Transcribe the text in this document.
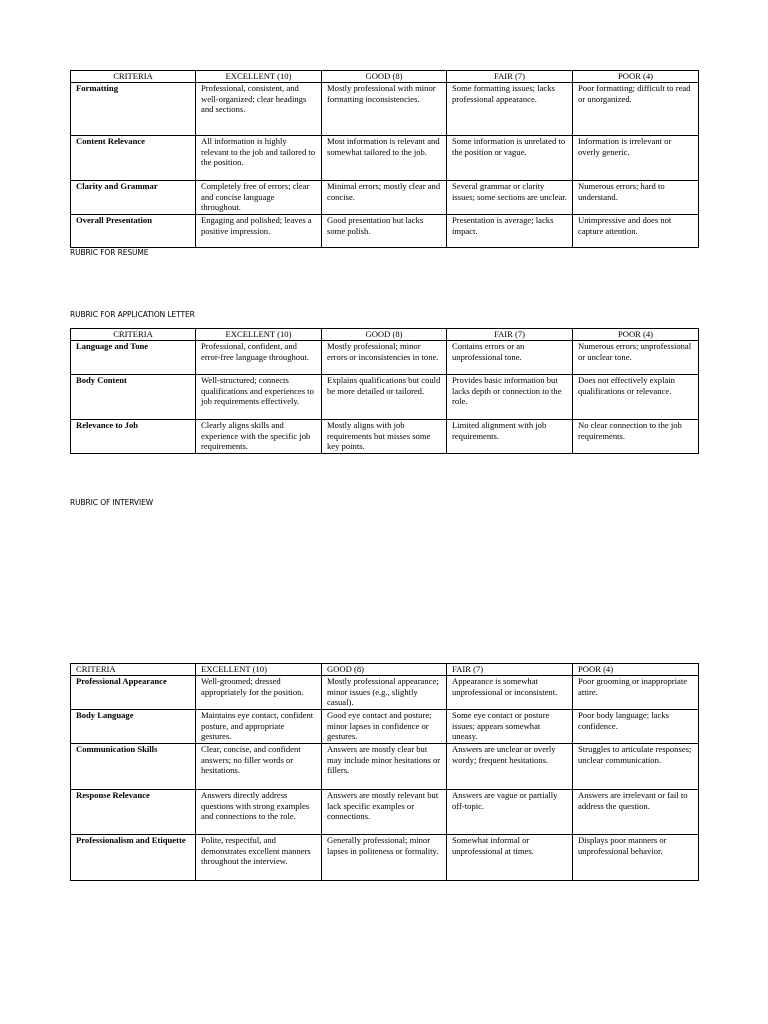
CRITERIA	EXCELLENT (10)	GOOD (8)	FAIR (7)	POOR (4)
Formatting	Professional, consistent, and well-organized; clear headings and sections.	Mostly professional with minor formatting inconsistencies.	Some formatting issues; lacks professional appearance.	Poor formatting; difficult to read or unorganized.
Content Relevance	All information is highly relevant to the job and tailored to the position.	Most information is relevant and somewhat tailored to the job.	Some information is unrelated to the position or vague.	Information is irrelevant or overly generic.
Clarity and Grammar	Completely free of errors; clear and concise language throughout.	Minimal errors; mostly clear and concise.	Several grammar or clarity issues; some sections are unclear.	Numerous errors; hard to understand.
Overall Presentation	Engaging and polished; leaves a positive impression.	Good presentation but lacks some polish.	Presentation is average; lacks impact.	Unimpressive and does not capture attention.
RUBRIC FOR RESUME
RUBRIC FOR APPLICATION LETTER
CRITERIA	EXCELLENT (10)	GOOD (8)	FAIR (7)	POOR (4)
Language and Tone	Professional, confident, and error-free language throughout.	Mostly professional; minor errors or inconsistencies in tone.	Contains errors or an unprofessional tone.	Numerous errors; unprofessional or unclear tone.
Body Content	Well-structured; connects qualifications and experiences to job requirements effectively.	Explains qualifications but could be more detailed or tailored.	Provides basic information but lacks depth or connection to the role.	Does not effectively explain qualifications or relevance.
Relevance to Job	Clearly aligns skills and experience with the specific job requirements.	Mostly aligns with job requirements but misses some key points.	Limited alignment with job requirements.	No clear connection to the job requirements.
RUBRIC OF INTERVIEW
CRITERIA	EXCELLENT (10)	GOOD (8)	FAIR (7)	POOR (4)
Professional Appearance	Well-groomed; dressed appropriately for the position.	Mostly professional appearance; minor issues (e.g., slightly casual).	Appearance is somewhat unprofessional or inconsistent.	Poor grooming or inappropriate attire.
Body Language	Maintains eye contact, confident posture, and appropriate gestures.	Good eye contact and posture; minor lapses in confidence or gestures.	Some eye contact or posture issues; appears somewhat uneasy.	Poor body language; lacks confidence.
Communication Skills	Clear, concise, and confident answers; no filler words or hesitations.	Answers are mostly clear but may include minor hesitations or fillers.	Answers are unclear or overly wordy; frequent hesitations.	Struggles to articulate responses; unclear communication.
Response Relevance	Answers directly address questions with strong examples and connections to the role.	Answers are mostly relevant but lack specific examples or connections.	Answers are vague or partially off-topic.	Answers are irrelevant or fail to address the question.
Professionalism and Etiquette	Polite, respectful, and demonstrates excellent manners throughout the interview.	Generally professional; minor lapses in politeness or formality.	Somewhat informal or unprofessional at times.	Displays poor manners or unprofessional behavior.
